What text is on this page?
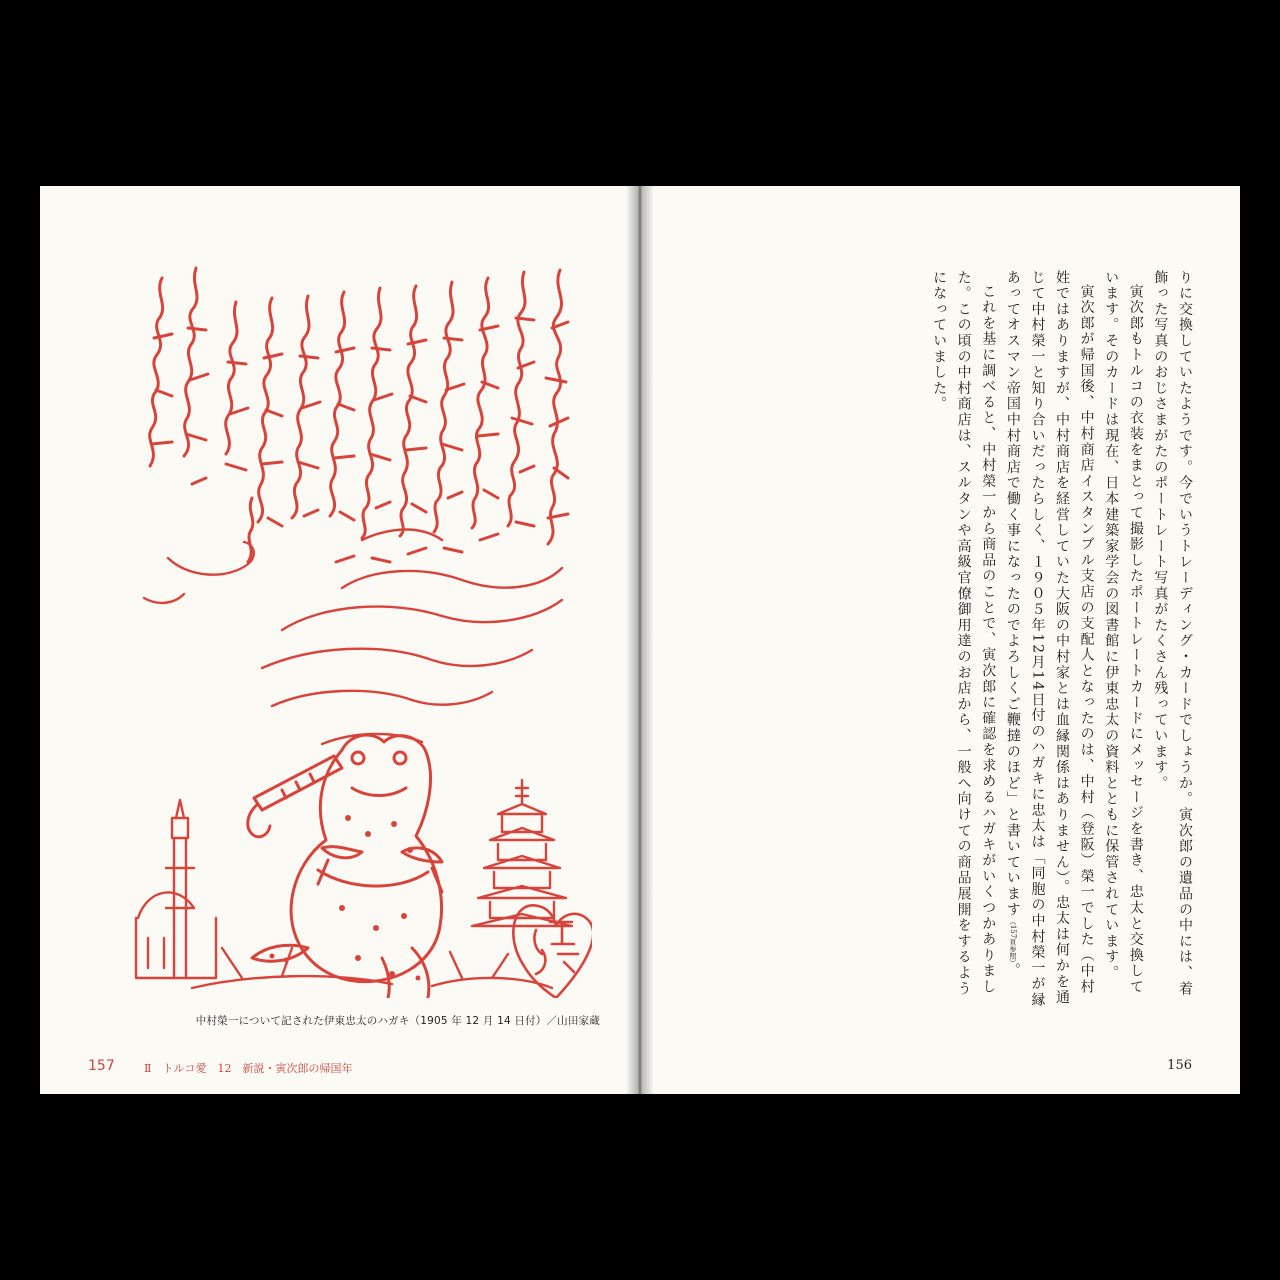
中村榮一について記された伊東忠太のハガキ（1905 年 12 月 14 日付）／山田家蔵
157	Ⅱ　トルコ愛　12　新説・寅次郎の帰国年

りに交換していたようです。今でいうトレーディング・カードでしょうか。寅次郎の遺品の中には、着飾った写真のおじさまがたのポートレート写真がたくさん残っています。

寅次郎もトルコの衣装をまとって撮影したポートレートカードにメッセージを書き、忠太と交換しています。そのカードは現在、日本建築家学会の図書館に伊東忠太の資料とともに保管されています。

寅次郎が帰国後、中村商店イスタンブル支店の支配人となったのは、中村（登阪）榮一でした（中村姓ではありますが、中村商店を経営していた大阪の中村家とは血縁関係はありません）。忠太は何かを通じて中村榮一と知り合いだったらしく、１９０５年12月14日付のハガキに忠太は「同胞の中村榮一が縁あってオスマン帝国中村商店で働く事になったのでよろしくご鞭撻のほど」と書いています（157頁参照）。

これを基に調べると、中村榮一から商品のことで、寅次郎に確認を求めるハガキがいくつかありました。この頃の中村商店は、スルタンや高級官僚御用達のお店から、一般へ向けての商品展開をするようになっていました。

156
